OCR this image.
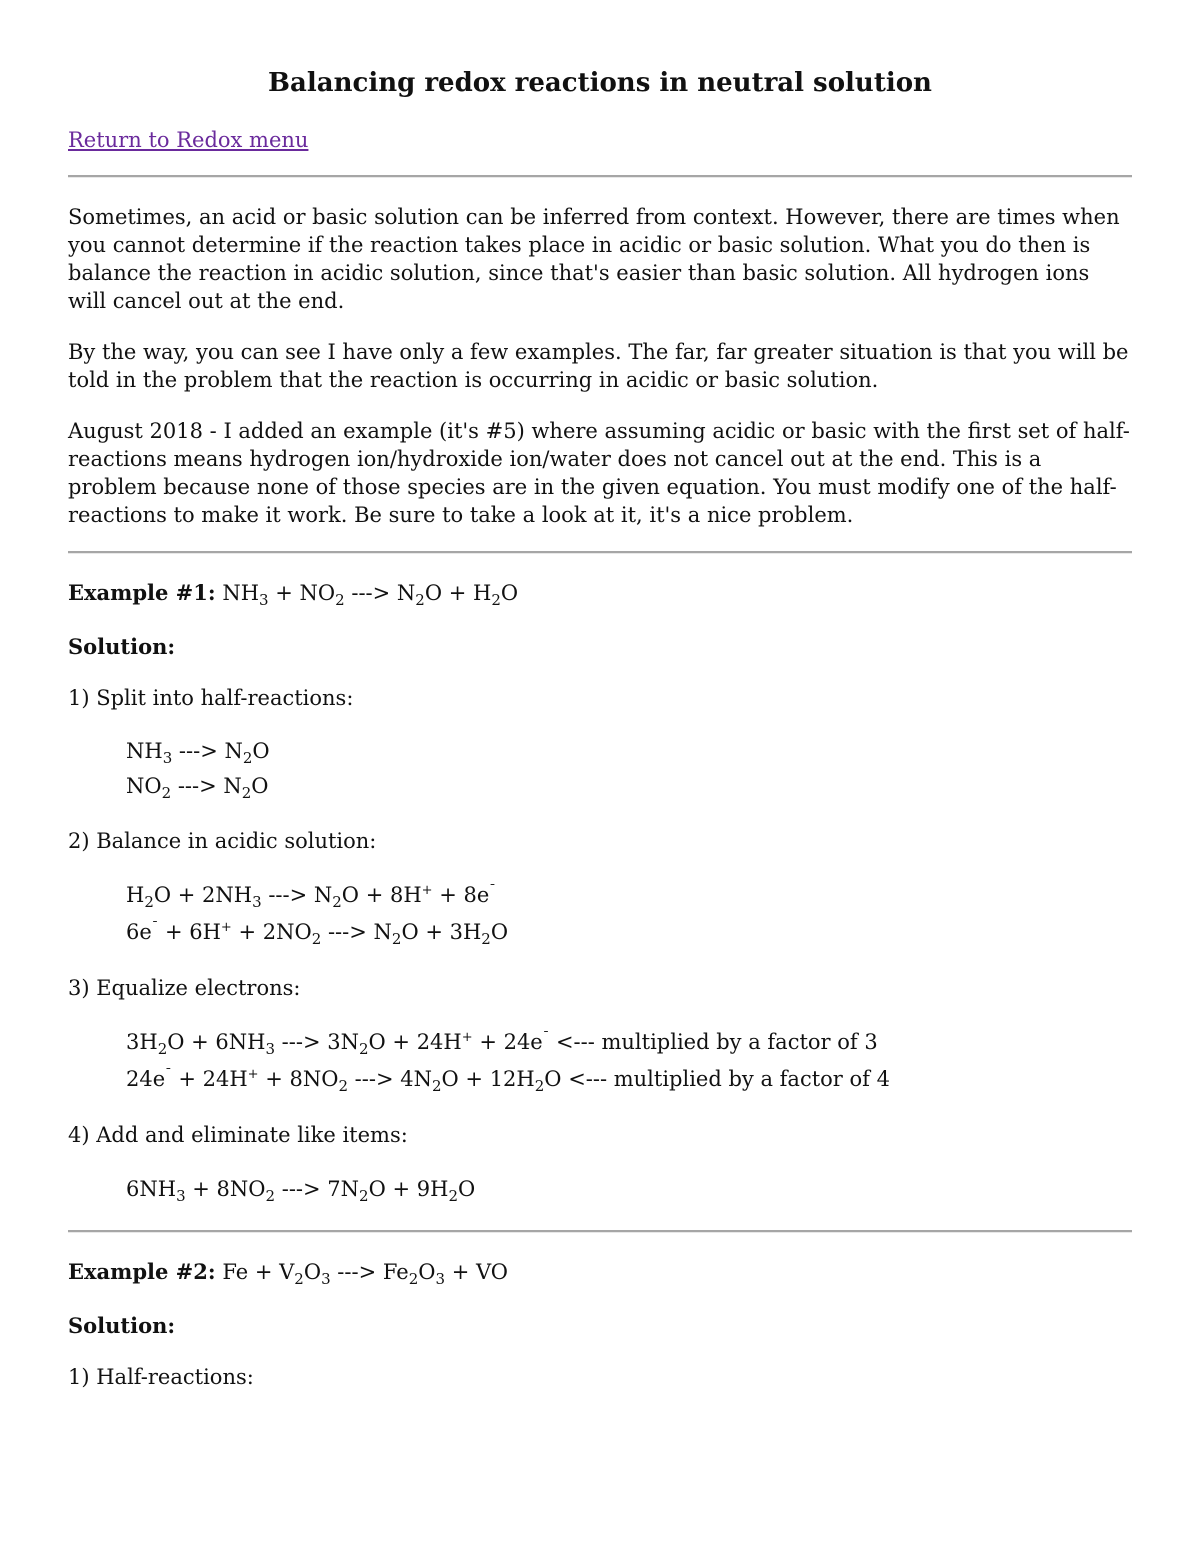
Balancing redox reactions in neutral solution
Return to Redox menu

Sometimes, an acid or basic solution can be inferred from context. However, there are times when you cannot determine if the reaction takes place in acidic or basic solution. What you do then is balance the reaction in acidic solution, since that's easier than basic solution. All hydrogen ions will cancel out at the end.

By the way, you can see I have only a few examples. The far, far greater situation is that you will be told in the problem that the reaction is occurring in acidic or basic solution.

August 2018 - I added an example (it's #5) where assuming acidic or basic with the first set of half-reactions means hydrogen ion/hydroxide ion/water does not cancel out at the end. This is a problem because none of those species are in the given equation. You must modify one of the half-reactions to make it work. Be sure to take a look at it, it's a nice problem.

Example #1: $NH_3 + NO_2$ ---> $N_2O + H_2O$

Solution:

1) Split into half-reactions:

$NH_3$ ---> $N_2O$
$NO_2$ ---> $N_2O$

2) Balance in acidic solution:

$H_2O + 2NH_3$ ---> $N_2O + 8H^+ + 8e^¯$
$6e^¯ + 6H^+ + 2NO_2$ ---> $N_2O + 3H_2O$

3) Equalize electrons:

$3H_2O + 6NH_3$ ---> $3N_2O + 24H^+ + 24e^¯$ <--- multiplied by a factor of 3
$24e^¯ + 24H^+ + 8NO_2$ ---> $4N_2O + 12H_2O$ <--- multiplied by a factor of 4

4) Add and eliminate like items:

$6NH_3 + 8NO_2$ ---> $7N_2O + 9H_2O$

Example #2: $Fe + V_2O_3$ ---> $Fe_2O_3$ + VO

Solution:

1) Half-reactions:
